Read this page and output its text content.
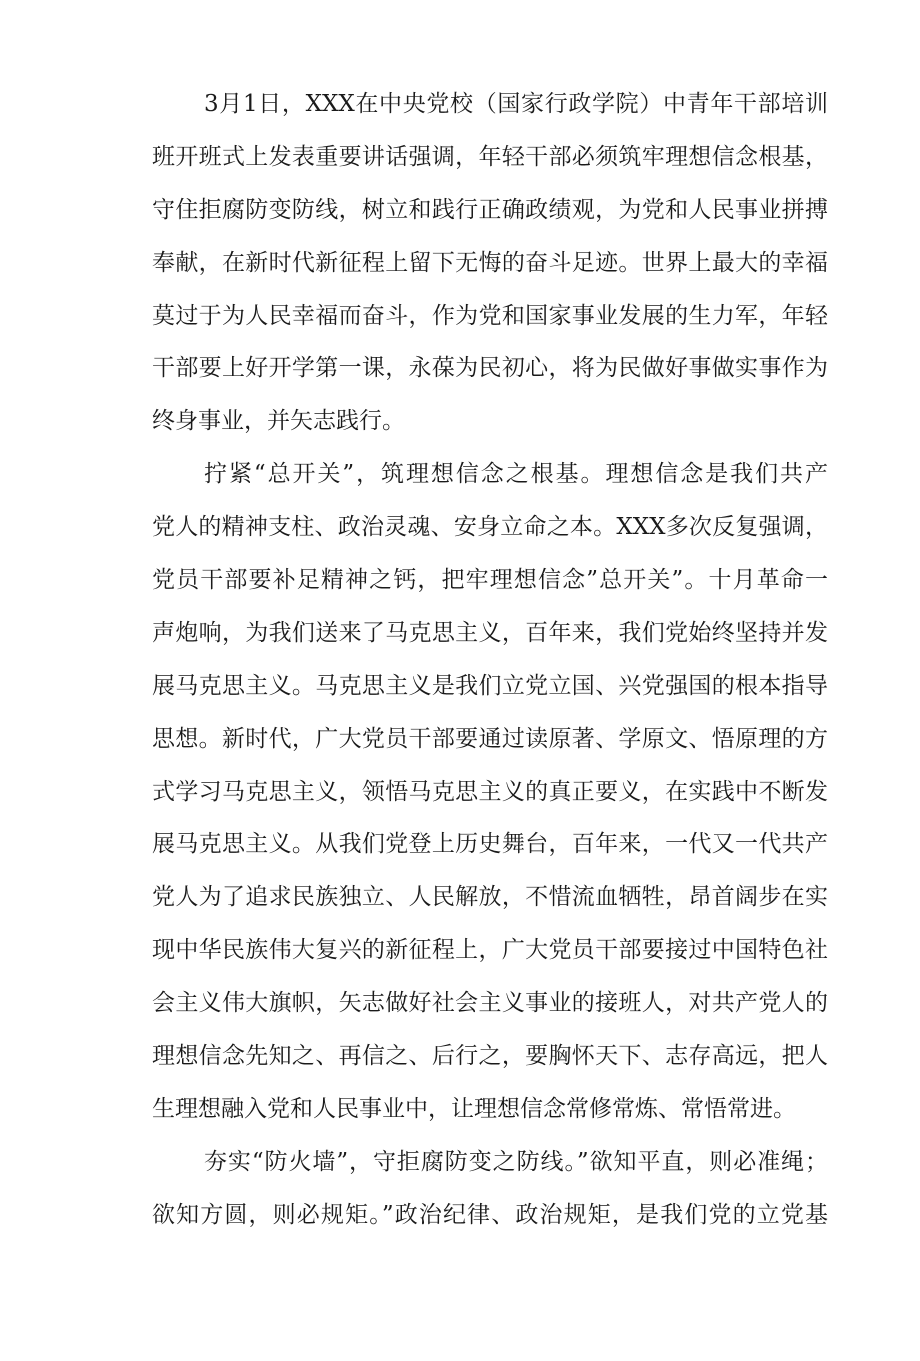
3月1日，XXX在中央党校（国家行政学院）中青年干部培训
班开班式上发表重要讲话强调，年轻干部必须筑牢理想信念根基，
守住拒腐防变防线，树立和践行正确政绩观，为党和人民事业拼搏
奉献，在新时代新征程上留下无悔的奋斗足迹。世界上最大的幸福
莫过于为人民幸福而奋斗，作为党和国家事业发展的生力军，年轻
干部要上好开学第一课，永葆为民初心，将为民做好事做实事作为
终身事业，并矢志践行。
拧紧“总开关”，筑理想信念之根基。理想信念是我们共产
党人的精神支柱、政治灵魂、安身立命之本。XXX多次反复强调，
党员干部要补足精神之钙，把牢理想信念”总开关”。十月革命一
声炮响，为我们送来了马克思主义，百年来，我们党始终坚持并发
展马克思主义。马克思主义是我们立党立国、兴党强国的根本指导
思想。新时代，广大党员干部要通过读原著、学原文、悟原理的方
式学习马克思主义，领悟马克思主义的真正要义，在实践中不断发
展马克思主义。从我们党登上历史舞台，百年来，一代又一代共产
党人为了追求民族独立、人民解放，不惜流血牺牲，昂首阔步在实
现中华民族伟大复兴的新征程上，广大党员干部要接过中国特色社
会主义伟大旗帜，矢志做好社会主义事业的接班人，对共产党人的
理想信念先知之、再信之、后行之，要胸怀天下、志存高远，把人
生理想融入党和人民事业中，让理想信念常修常炼、常悟常进。
夯实“防火墙”，守拒腐防变之防线。”欲知平直，则必准绳；
欲知方圆，则必规矩。”政治纪律、政治规矩，是我们党的立党基
